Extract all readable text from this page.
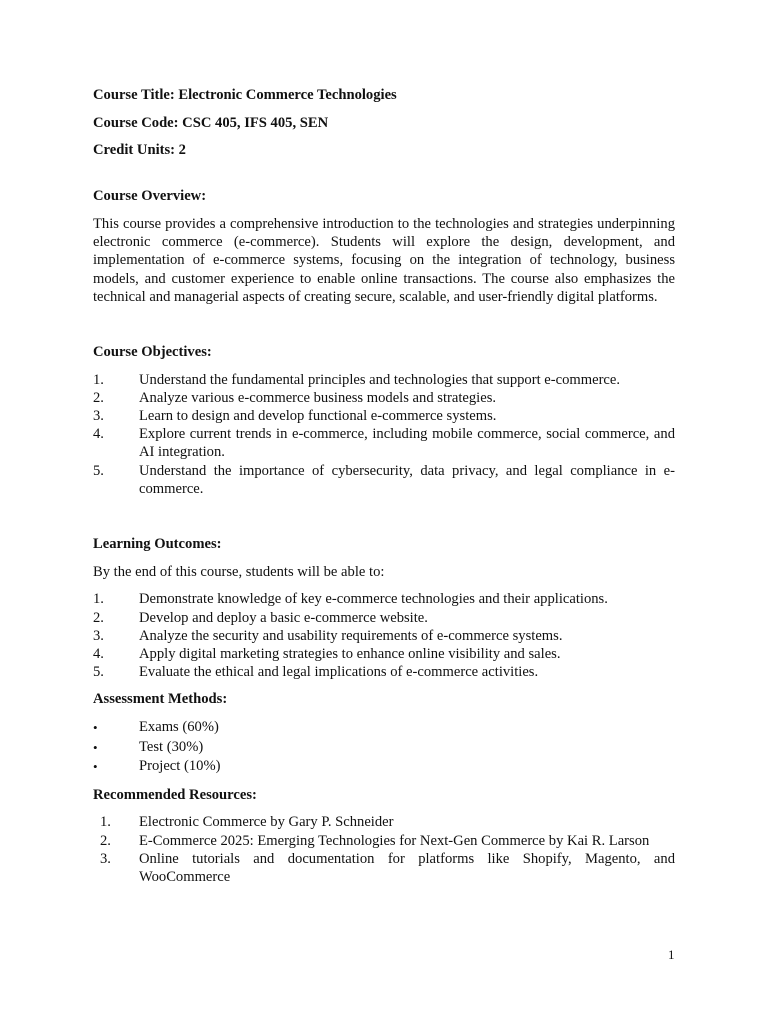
Course Title: Electronic Commerce Technologies
Course Code: CSC 405, IFS 405, SEN
Credit Units: 2
Course Overview:

This course provides a comprehensive introduction to the technologies and strategies underpinning electronic commerce (e-commerce). Students will explore the design, development, and implementation of e-commerce systems, focusing on the integration of technology, business models, and customer experience to enable online transactions. The course also emphasizes the technical and managerial aspects of creating secure, scalable, and user-friendly digital platforms.

Course Objectives:
1. Understand the fundamental principles and technologies that support e-commerce.
2. Analyze various e-commerce business models and strategies.
3. Learn to design and develop functional e-commerce systems.
4. Explore current trends in e-commerce, including mobile commerce, social commerce, and AI integration.
5. Understand the importance of cybersecurity, data privacy, and legal compliance in e-commerce.
Learning Outcomes:
By the end of this course, students will be able to:
1. Demonstrate knowledge of key e-commerce technologies and their applications.
2. Develop and deploy a basic e-commerce website.
3. Analyze the security and usability requirements of e-commerce systems.
4. Apply digital marketing strategies to enhance online visibility and sales.
5. Evaluate the ethical and legal implications of e-commerce activities.
Assessment Methods:
•	Exams (60%)
•	Test (30%)
•	Project (10%)
Recommended Resources:
1. Electronic Commerce by Gary P. Schneider
2. E-Commerce 2025: Emerging Technologies for Next-Gen Commerce by Kai R. Larson
3. Online tutorials and documentation for platforms like Shopify, Magento, and WooCommerce
1
